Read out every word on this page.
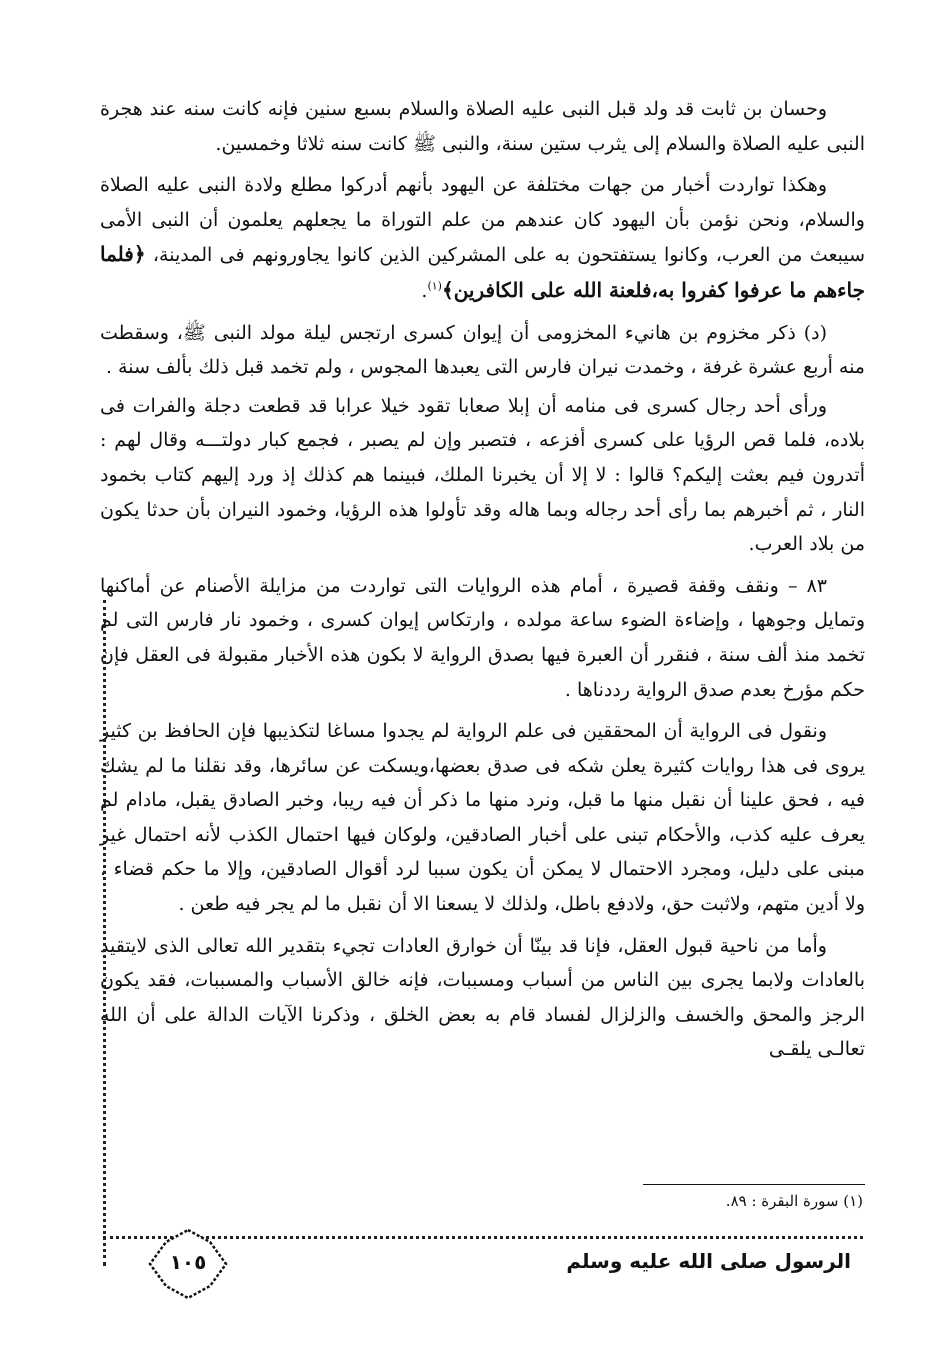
وحسان بن ثابت قد ولد قبل النبى عليه الصلاة والسلام بسبع سنين فإنه كانت سنه عند هجرة النبى عليه الصلاة والسلام إلى يثرب ستين سنة، والنبى ﷺ كانت سنه ثلاثا وخمسين.

وهكذا تواردت أخبار من جهات مختلفة عن اليهود بأنهم أدركوا مطلع ولادة النبى عليه الصلاة والسلام، ونحن نؤمن بأن اليهود كان عندهم من علم التوراة ما يجعلهم يعلمون أن النبى الأمى سيبعث من العرب، وكانوا يستفتحون به على المشركين الذين كانوا يجاورونهم فى المدينة، ﴿فلما جاءهم ما عرفوا كفروا به،فلعنة الله على الكافرين﴾$^{(١)}$.

(د) ذكر مخزوم بن هانيء المخزومى أن إيوان كسرى ارتجس ليلة مولد النبى ﷺ، وسقطت منه أربع عشرة غرفة ، وخمدت نيران فارس التى يعبدها المجوس ، ولم تخمد قبل ذلك بألف سنة .

ورأى أحد رجال كسرى فى منامه أن إبلا صعابا تقود خيلا عرابا قد قطعت دجلة والفرات فى بلاده، فلما قص الرؤيا على كسرى أفزعه ، فتصبر وإن لم يصبر ، فجمع كبار دولتـــه وقال لهم : أتدرون فيم بعثت إليكم؟ قالوا : لا إلا أن يخبرنا الملك، فبينما هم كذلك إذ ورد إليهم كتاب بخمود النار ، ثم أخبرهم بما رأى أحد رجاله وبما هاله وقد تأولوا هذه الرؤيا، وخمود النيران بأن حدثا يكون من بلاد العرب.

٨٣ – ونقف وقفة قصيرة ، أمام هذه الروايات التى تواردت من مزايلة الأصنام عن أماكنها وتمايل وجوهها ، وإضاءة الضوء ساعة مولده ، وارتكاس إيوان كسرى ، وخمود نار فارس التى لم تخمد منذ ألف سنة ، فنقرر أن العبرة فيها بصدق الرواية لا بكون هذه الأخبار مقبولة فى العقل فإن حكم مؤرخ بعدم صدق الرواية رددناها .

ونقول فى الرواية أن المحققين فى علم الرواية لم يجدوا مساغا لتكذيبها فإن الحافظ بن كثير يروى فى هذا روايات كثيرة يعلن شكه فى صدق بعضها،ويسكت عن سائرها، وقد نقلنا ما لم يشك فيه ، فحق علينا أن نقبل منها ما قبل، ونرد منها ما ذكر أن فيه ريبا، وخبر الصادق يقبل، مادام لم يعرف عليه كذب، والأحكام تبنى على أخبار الصادقين، ولوكان فيها احتمال الكذب لأنه احتمال غير مبنى على دليل، ومجرد الاحتمال لا يمكن أن يكون سببا لرد أقوال الصادقين، وإلا ما حكم قضاء ، ولا أدين متهم، ولاثبت حق، ولادفع باطل، ولذلك لا يسعنا الا أن نقبل ما لم يجر فيه طعن .

وأما من ناحية قبول العقل، فإنا قد بينّا أن خوارق العادات تجيء بتقدير الله تعالى الذى لايتقيد بالعادات ولابما يجرى بين الناس من أسباب ومسببات، فإنه خالق الأسباب والمسببات، فقد يكون الرجز والمحق والخسف والزلزال لفساد قام به بعض الخلق ، وذكرنا الآيات الدالة على أن الله تعالـى يلقـى

(١) سورة البقرة : ٨٩.
الرسول صلى الله عليه وسلم
١٠٥
